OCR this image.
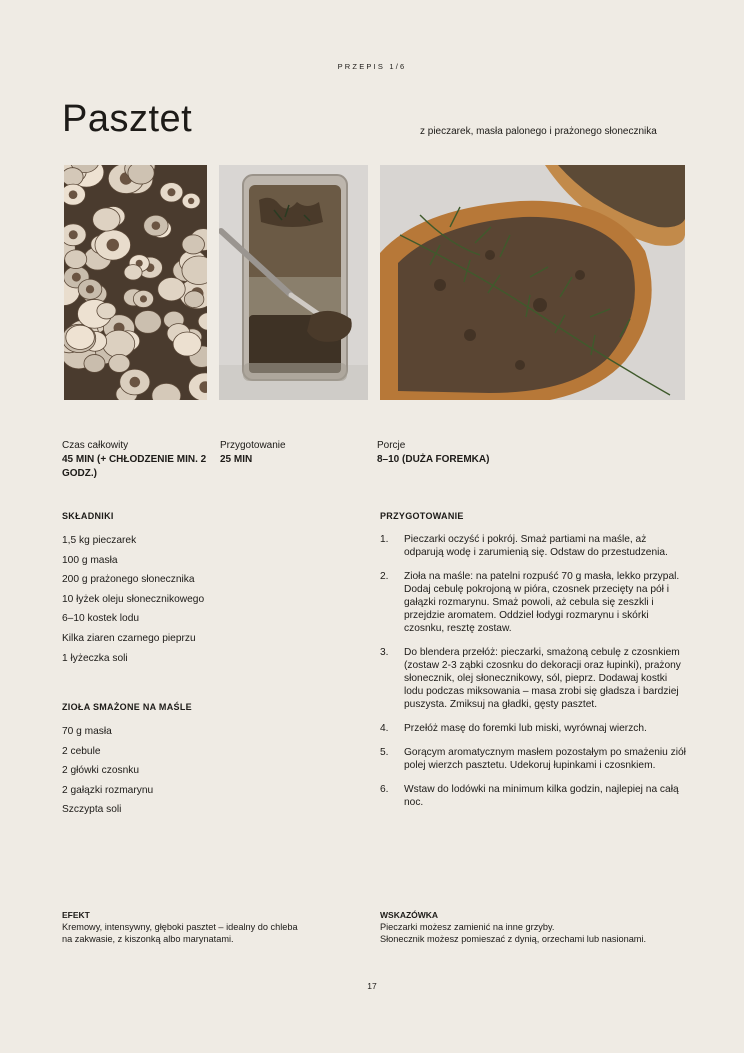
PRZEPIS 1/6
Pasztet	z pieczarek, masła palonego i prażonego słonecznika
Czas całkowity
45 MIN (+ CHŁODZENIE MIN. 2 GODZ.)
Przygotowanie
25 MIN
Porcje
8–10 (DUŻA FOREMKA)
SKŁADNIKI
1,5 kg pieczarek
100 g masła
200 g prażonego słonecznika
10 łyżek oleju słonecznikowego
6–10 kostek lodu
Kilka ziaren czarnego pieprzu
1 łyżeczka soli
ZIOŁA SMAŻONE NA MAŚLE
70 g masła
2 cebule
2 główki czosnku
2 gałązki rozmarynu
Szczypta soli
PRZYGOTOWANIE
1.	Pieczarki oczyść i pokrój. Smaż partiami na maśle, aż odparują wodę i zarumienią się. Odstaw do przestudzenia.
2.	Zioła na maśle: na patelni rozpuść 70 g masła, lekko przypal. Dodaj cebulę pokrojoną w pióra, czosnek przecięty na pół i gałązki rozmarynu. Smaż powoli, aż cebula się zeszkli i przejdzie aromatem. Oddziel łodygi rozmarynu i skórki czosnku, resztę zostaw.
3.	Do blendera przełóż: pieczarki, smażoną cebulę z czosnkiem (zostaw 2-3 ząbki czosnku do dekoracji oraz łupinki), prażony słonecznik, olej słonecznikowy, sól, pieprz. Dodawaj kostki lodu podczas miksowania – masa zrobi się gładsza i bardziej puszysta. Zmiksuj na gładki, gęsty pasztet.
4.	Przełóż masę do foremki lub miski, wyrównaj wierzch.
5.	Gorącym aromatycznym masłem pozostałym po smażeniu ziół polej wierzch pasztetu. Udekoruj łupinkami i czosnkiem.
6.	Wstaw do lodówki na minimum kilka godzin, najlepiej na całą noc.
EFEKT
Kremowy, intensywny, głęboki pasztet – idealny do chleba na zakwasie, z kiszonką albo marynatami.
WSKAZÓWKA
Pieczarki możesz zamienić na inne grzyby.
Słonecznik możesz pomieszać z dynią, orzechami lub nasionami.
17
